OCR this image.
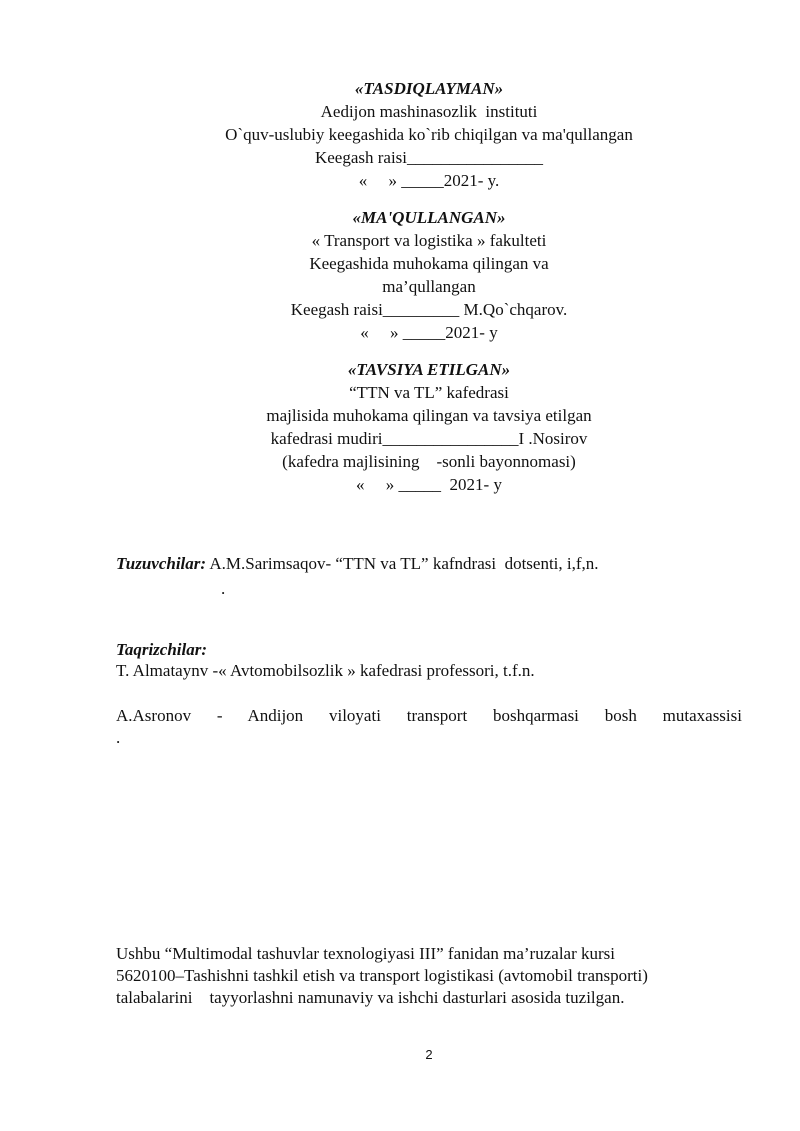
«TASDIQLAYMAN»
Aedijon mashinasozlik  instituti
O`quv-uslubiy keegashida ko`rib chiqilgan va ma'qullangan
Keegash raisi________________
«     » _____2021- y.
«MA'QULLANGAN»
« Transport va logistika » fakulteti
Keegashida muhokama qilingan va
ma’qullangan
Keegash raisi_________ M.Qo`chqarov.
«     » _____2021- y
«TAVSIYA ETILGAN»
“TTN va TL” kafedrasi
majlisida muhokama qilingan va tavsiya etilgan
kafedrasi mudiri________________I .Nosirov
(kafedra majlisining    -sonli bayonnomasi)
«     » _____  2021- y
Tuzuvchilar: A.M.Sarimsaqov- “TTN va TL” kafndrasi  dotsenti, i,f,n.
.
Taqrizchilar:
T. Almataynv -« Avtomobilsozlik » kafedrasi professori, t.f.n.
A.Asronov - Andijon viloyati transport boshqarmasi bosh mutaxassisi
.
Ushbu “Multimodal tashuvlar texnologiyasi III” fanidan ma’ruzalar kursi
5620100–Tashishni tashkil etish va transport logistikasi (avtomobil transporti)
talabalarini    tayyorlashni namunaviy va ishchi dasturlari asosida tuzilgan.
2
